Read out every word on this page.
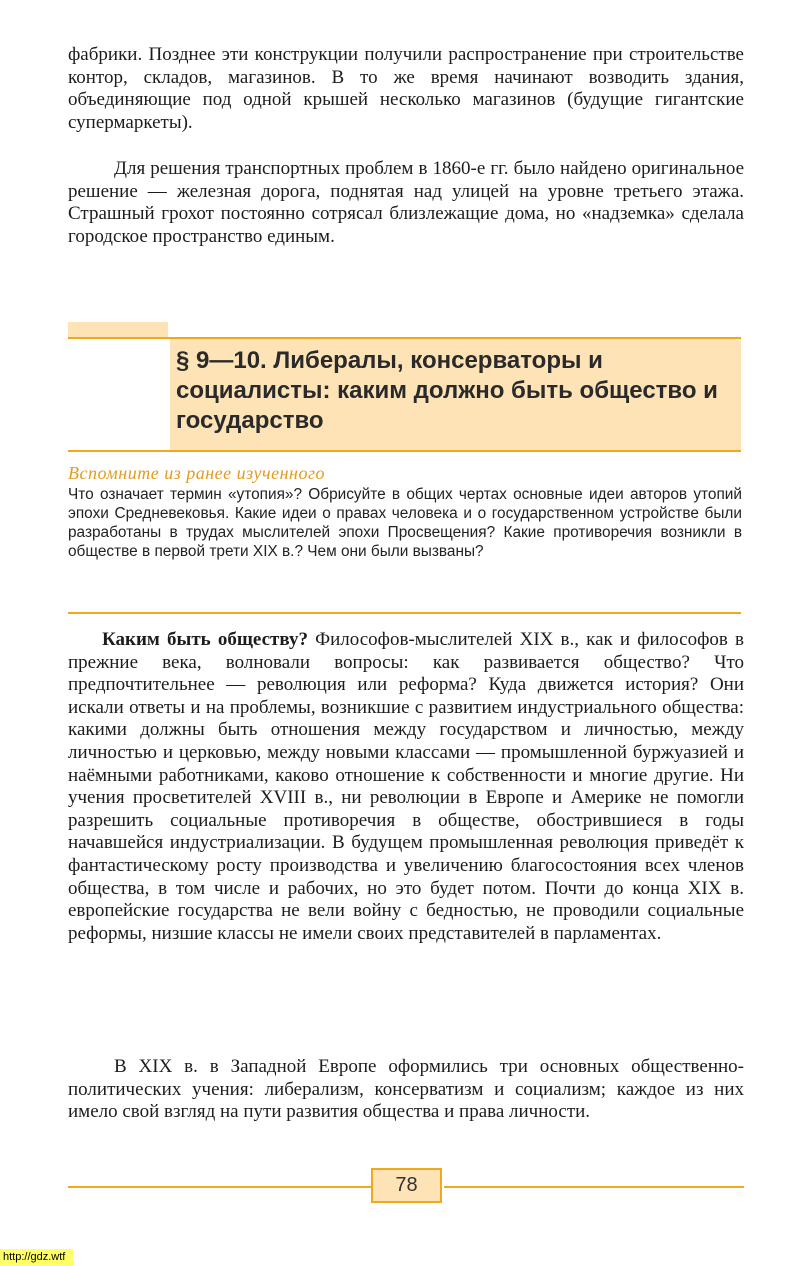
фабрики. Позднее эти конструкции получили распространение при строительстве контор, складов, магазинов. В то же время начинают возводить здания, объединяющие под одной крышей несколько магазинов (будущие гигантские супермаркеты).

Для решения транспортных проблем в 1860-е гг. было найдено оригинальное решение — железная дорога, поднятая над улицей на уровне третьего этажа. Страшный грохот постоянно сотрясал близлежащие дома, но «надземка» сделала городское пространство единым.

§ 9—10. Либералы, консерваторы и социалисты: каким должно быть общество и государство
Вспомните из ранее изученного

Что означает термин «утопия»? Обрисуйте в общих чертах основные идеи авторов утопий эпохи Средневековья. Какие идеи о правах человека и о государственном устройстве были разработаны в трудах мыслителей эпохи Просвещения? Какие противоречия возникли в обществе в первой трети XIX в.? Чем они были вызваны?

Каким быть обществу? Философов-мыслителей XIX в., как и философов в прежние века, волновали вопросы: как развивается общество? Что предпочтительнее — революция или реформа? Куда движется история? Они искали ответы и на проблемы, возникшие с развитием индустриального общества: какими должны быть отношения между государством и личностью, между личностью и церковью, между новыми классами — промышленной буржуазией и наёмными работниками, каково отношение к собственности и многие другие. Ни учения просветителей XVIII в., ни революции в Европе и Америке не помогли разрешить социальные противоречия в обществе, обострившиеся в годы начавшейся индустриализации. В будущем промышленная революция приведёт к фантастическому росту производства и увеличению благосостояния всех членов общества, в том числе и рабочих, но это будет потом. Почти до конца XIX в. европейские государства не вели войну с бедностью, не проводили социальные реформы, низшие классы не имели своих представителей в парламентах.

В XIX в. в Западной Европе оформились три основных общественно-политических учения: либерализм, консерватизм и социализм; каждое из них имело свой взгляд на пути развития общества и права личности.

78
http://gdz.wtf
